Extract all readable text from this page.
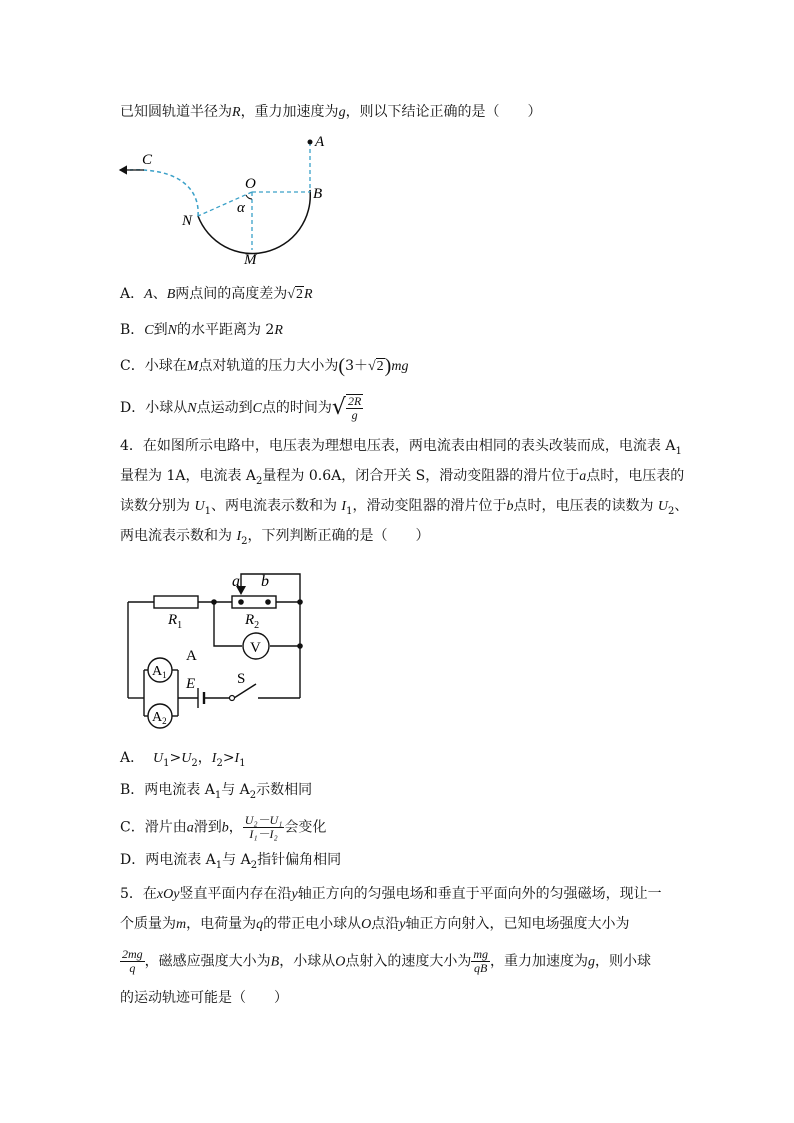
已知圆轨道半径为R，重力加速度为g，则以下结论正确的是（　　）
A
B
C
O
N
M
α
A．A、B两点间的高度差为√2R
B．C到N的水平距离为 2R
C．小球在M点对轨道的压力大小为(3＋√2)mg
D．小球从N点运动到C点的时间为√ $\frac{2R}{g}$
4．在如图所示电路中，电压表为理想电压表，两电流表由相同的表头改装而成，电流表 $A_1$
量程为 1A，电流表 $A_2$量程为 0.6A，闭合开关 S，滑动变阻器的滑片位于a点时，电压表的
读数分别为 $U_1$、两电流表示数和为 $I_1$，滑动变阻器的滑片位于b点时，电压表的读数为 $U_2$、
两电流表示数和为 $I_2$，下列判断正确的是（　　）
a b
$R_1$	$R_2$
V
A
$A_1$
$A_2$
E	S
A． $U_1>U_2$，$I_2>I_1$
B．两电流表 $A_1$与 $A_2$示数相同
C．滑片由a滑到b， $\frac{\text{U₂－U₁}}{\text{I₁－I₂}}$ 会变化
D．两电流表 $A_1$与 $A_2$指针偏角相同
5．在xOy竖直平面内存在沿y轴正方向的匀强电场和垂直于平面向外的匀强磁场，现让一
个质量为m，电荷量为q的带正电小球从O点沿y轴正方向射入，已知电场强度大小为
$\frac{2mg}{q}$ ，磁感应强度大小为B，小球从O点射入的速度大小为 $\frac{mg}{qB}$ ，重力加速度为g，则小球
的运动轨迹可能是（　　）
